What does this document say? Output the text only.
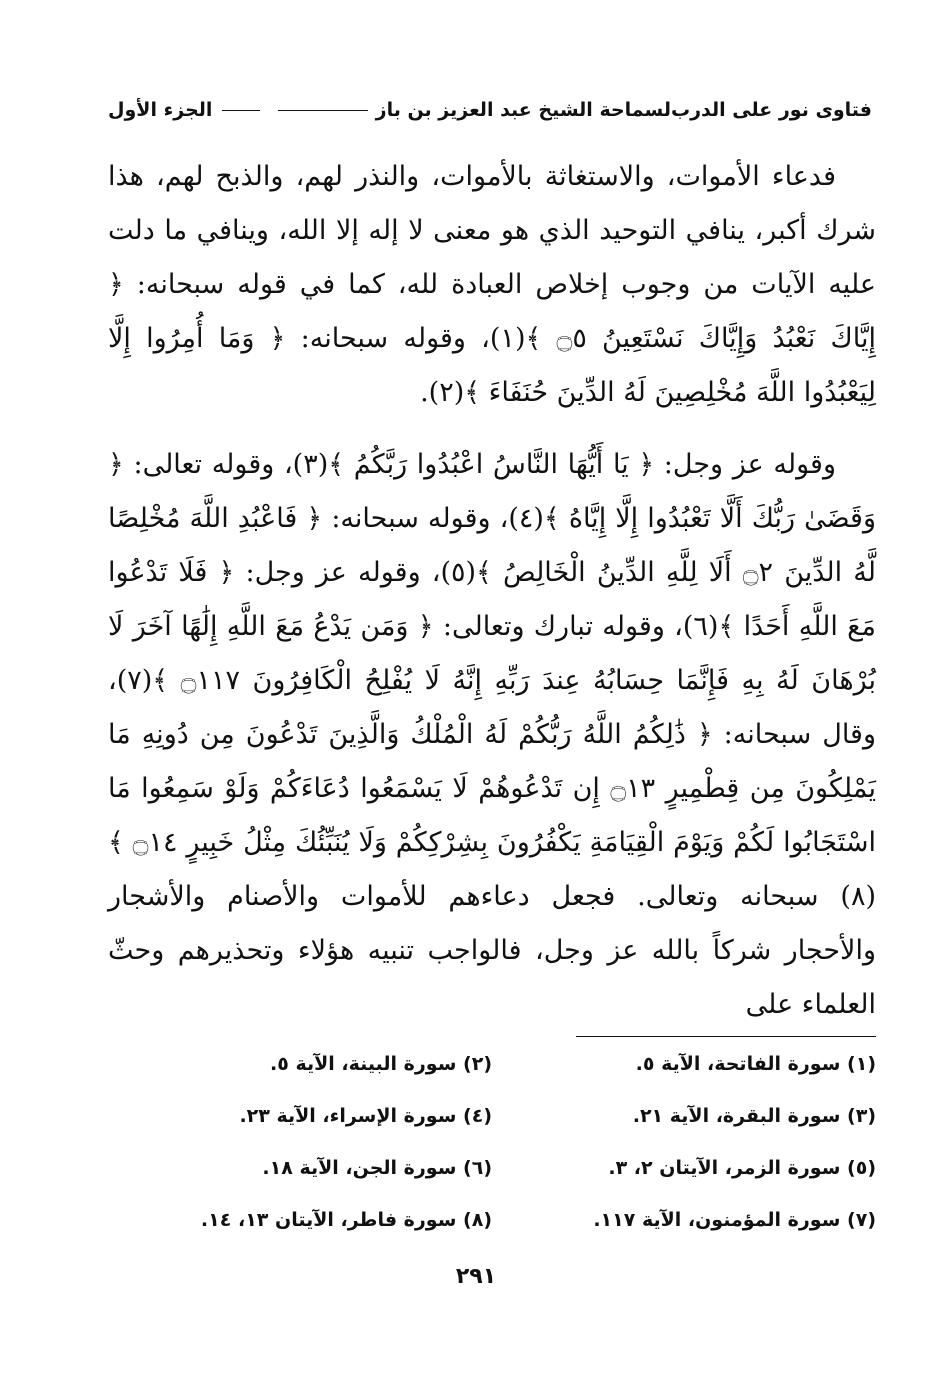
فتاوى نور على الدرب
لسماحة الشيخ عبد العزيز بن باز
الجزء الأول

فدعاء الأموات، والاستغاثة بالأموات، والنذر لهم، والذبح لهم، هذا شرك أكبر، ينافي التوحيد الذي هو معنى لا إله إلا الله، وينافي ما دلت عليه الآيات من وجوب إخلاص العبادة لله، كما في قوله سبحانه: ﴿ إِيَّاكَ نَعْبُدُ وَإِيَّاكَ نَسْتَعِينُ ۝٥ ﴾(١)، وقوله سبحانه: ﴿ وَمَا أُمِرُوا إِلَّا لِيَعْبُدُوا اللَّهَ مُخْلِصِينَ لَهُ الدِّينَ حُنَفَاءَ ﴾(٢).

وقوله عز وجل: ﴿ يَا أَيُّهَا النَّاسُ اعْبُدُوا رَبَّكُمُ ﴾(٣)، وقوله تعالى: ﴿ وَقَضَىٰ رَبُّكَ أَلَّا تَعْبُدُوا إِلَّا إِيَّاهُ ﴾(٤)، وقوله سبحانه: ﴿ فَاعْبُدِ اللَّهَ مُخْلِصًا لَّهُ الدِّينَ ۝٢ أَلَا لِلَّهِ الدِّينُ الْخَالِصُ ﴾(٥)، وقوله عز وجل: ﴿ فَلَا تَدْعُوا مَعَ اللَّهِ أَحَدًا ﴾(٦)، وقوله تبارك وتعالى: ﴿ وَمَن يَدْعُ مَعَ اللَّهِ إِلَٰهًا آخَرَ لَا بُرْهَانَ لَهُ بِهِ فَإِنَّمَا حِسَابُهُ عِندَ رَبِّهِ إِنَّهُ لَا يُفْلِحُ الْكَافِرُونَ ۝١١٧ ﴾(٧)، وقال سبحانه: ﴿ ذَٰلِكُمُ اللَّهُ رَبُّكُمْ لَهُ الْمُلْكُ وَالَّذِينَ تَدْعُونَ مِن دُونِهِ مَا يَمْلِكُونَ مِن قِطْمِيرٍ ۝١٣ إِن تَدْعُوهُمْ لَا يَسْمَعُوا دُعَاءَكُمْ وَلَوْ سَمِعُوا مَا اسْتَجَابُوا لَكُمْ وَيَوْمَ الْقِيَامَةِ يَكْفُرُونَ بِشِرْكِكُمْ وَلَا يُنَبِّئُكَ مِثْلُ خَبِيرٍ ۝١٤ ﴾(٨) سبحانه وتعالى. فجعل دعاءهم للأموات والأصنام والأشجار والأحجار شركاً بالله عز وجل، فالواجب تنبيه هؤلاء وتحذيرهم وحثّ العلماء على

(١) سورة الفاتحة، الآية ٥.
(٢) سورة البينة، الآية ٥.
(٣) سورة البقرة، الآية ٢١.
(٤) سورة الإسراء، الآية ٢٣.
(٥) سورة الزمر، الآيتان ٢، ٣.
(٦) سورة الجن، الآية ١٨.
(٧) سورة المؤمنون، الآية ١١٧.
(٨) سورة فاطر، الآيتان ١٣، ١٤.
٢٩١
